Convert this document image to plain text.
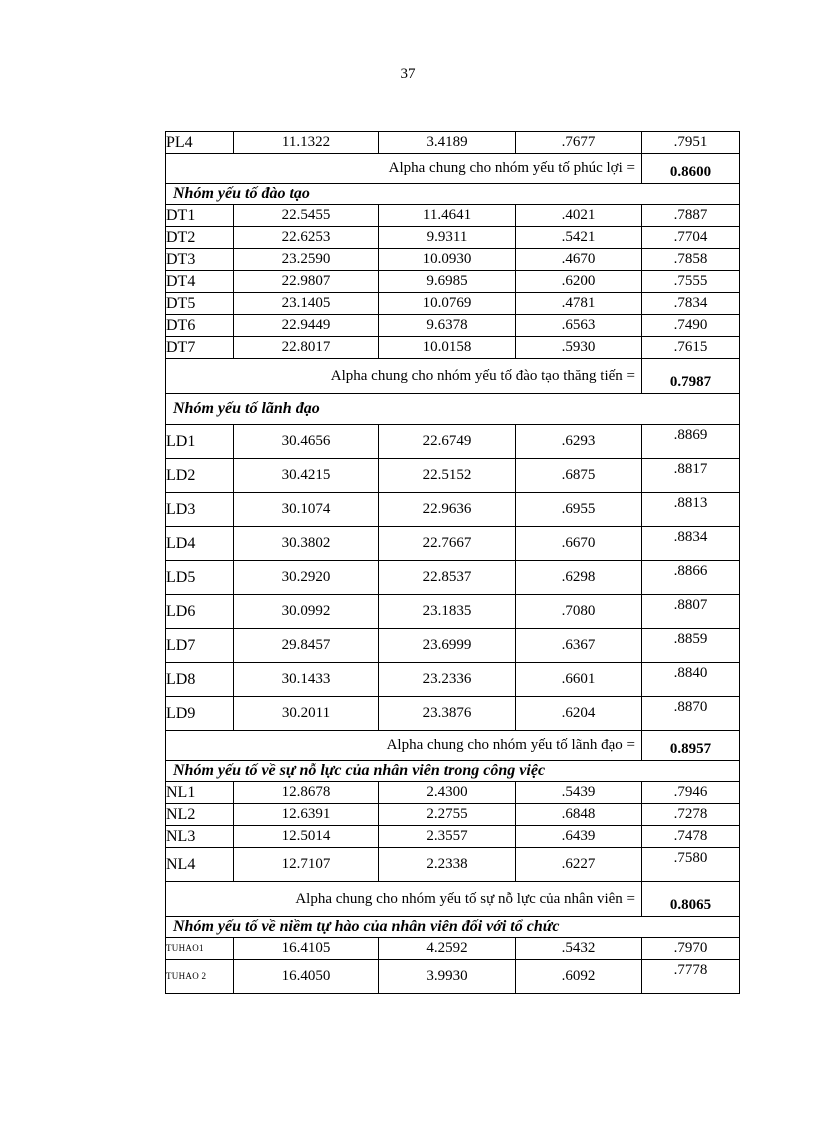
37
PL4	11.1322	3.4189	.7677	.7951
Alpha chung cho nhóm yếu tố phúc lợi =				0.8600
Nhóm yếu tố đào tạo				
DT1	22.5455	11.4641	.4021	.7887
DT2	22.6253	9.9311	.5421	.7704
DT3	23.2590	10.0930	.4670	.7858
DT4	22.9807	9.6985	.6200	.7555
DT5	23.1405	10.0769	.4781	.7834
DT6	22.9449	9.6378	.6563	.7490
DT7	22.8017	10.0158	.5930	.7615
Alpha chung cho nhóm yếu tố đào tạo thăng tiến =				0.7987
Nhóm yếu tố lãnh đạo				
LD1	30.4656	22.6749	.6293	.8869
LD2	30.4215	22.5152	.6875	.8817
LD3	30.1074	22.9636	.6955	.8813
LD4	30.3802	22.7667	.6670	.8834
LD5	30.2920	22.8537	.6298	.8866
LD6	30.0992	23.1835	.7080	.8807
LD7	29.8457	23.6999	.6367	.8859
LD8	30.1433	23.2336	.6601	.8840
LD9	30.2011	23.3876	.6204	.8870
Alpha chung cho nhóm yếu tố lãnh đạo =				0.8957
Nhóm yếu tố về sự nỗ lực của nhân viên trong công việc				
NL1	12.8678	2.4300	.5439	.7946
NL2	12.6391	2.2755	.6848	.7278
NL3	12.5014	2.3557	.6439	.7478
NL4	12.7107	2.2338	.6227	.7580
Alpha chung cho nhóm yếu tố sự nỗ lực của nhân viên =				0.8065
Nhóm yếu tố về niềm tự hào của nhân viên đối với tổ chức				
TUHAO1	16.4105	4.2592	.5432	.7970
TUHAO 2	16.4050	3.9930	.6092	.7778
